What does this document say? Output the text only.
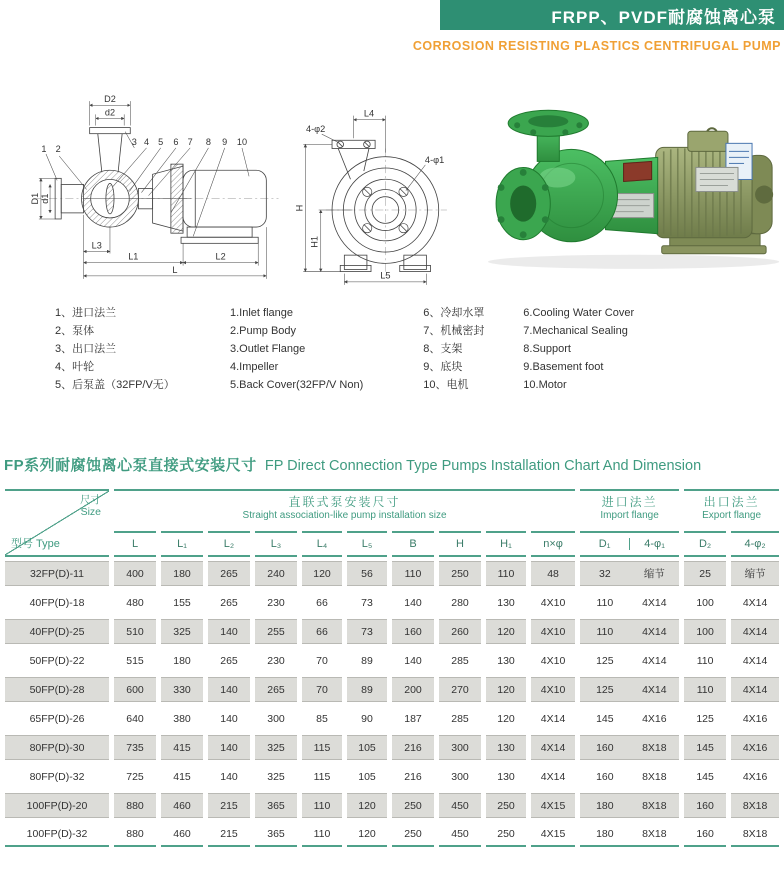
FRPP、PVDF耐腐蚀离心泵
CORROSION RESISTING PLASTICS CENTRIFUGAL PUMP
D2
d2
1 2
3 4 5 6 7 8 9 10
D1 d1
L3
L1	L2
L
4-φ2
L4
4-φ1
H
H1
L5
1、进口法兰	1.Inlet flange
2、泵体	2.Pump Body
3、出口法兰	3.Outlet Flange
4、叶轮	4.Impeller
5、后泵盖（32FP/V无）	5.Back Cover(32FP/V Non)
6、冷却水罩	6.Cooling Water Cover
7、机械密封	7.Mechanical Sealing
8、支架	8.Support
9、底块	9.Basement foot
10、电机	10.Motor
FP系列耐腐蚀离心泵直接式安装尺寸 FP Direct Connection Type Pumps Installation Chart And Dimension
尺寸
Size
型号 Type	直联式泵安装尺寸
Straight association-like pump installation size										进口法兰
Import flange	出口法兰
Export flange	

	L	L₁	L₂	L₃	L₄	L₅	B	H	H₁	n×φ	D₁ 4-φ₁	D₂	4-φ₂
32FP(D)-11	400	180	265	240	120	56	110	250	110	48	32 缩节	25	缩节
40FP(D)-18	480	155	265	230	66	73	140	280	130	4X10	110 4X14	100	4X14
40FP(D)-25	510	325	140	255	66	73	160	260	120	4X10	110 4X14	100	4X14
50FP(D)-22	515	180	265	230	70	89	140	285	130	4X10	125 4X14	110	4X14
50FP(D)-28	600	330	140	265	70	89	200	270	120	4X10	125 4X14	110	4X14
65FP(D)-26	640	380	140	300	85	90	187	285	120	4X14	145 4X16	125	4X16
80FP(D)-30	735	415	140	325	115	105	216	300	130	4X14	160 8X18	145	4X16
80FP(D)-32	725	415	140	325	115	105	216	300	130	4X14	160 8X18	145	4X16
100FP(D)-20	880	460	215	365	110	120	250	450	250	4X15	180 8X18	160	8X18
100FP(D)-32	880	460	215	365	110	120	250	450	250	4X15	180 8X18	160	8X18
